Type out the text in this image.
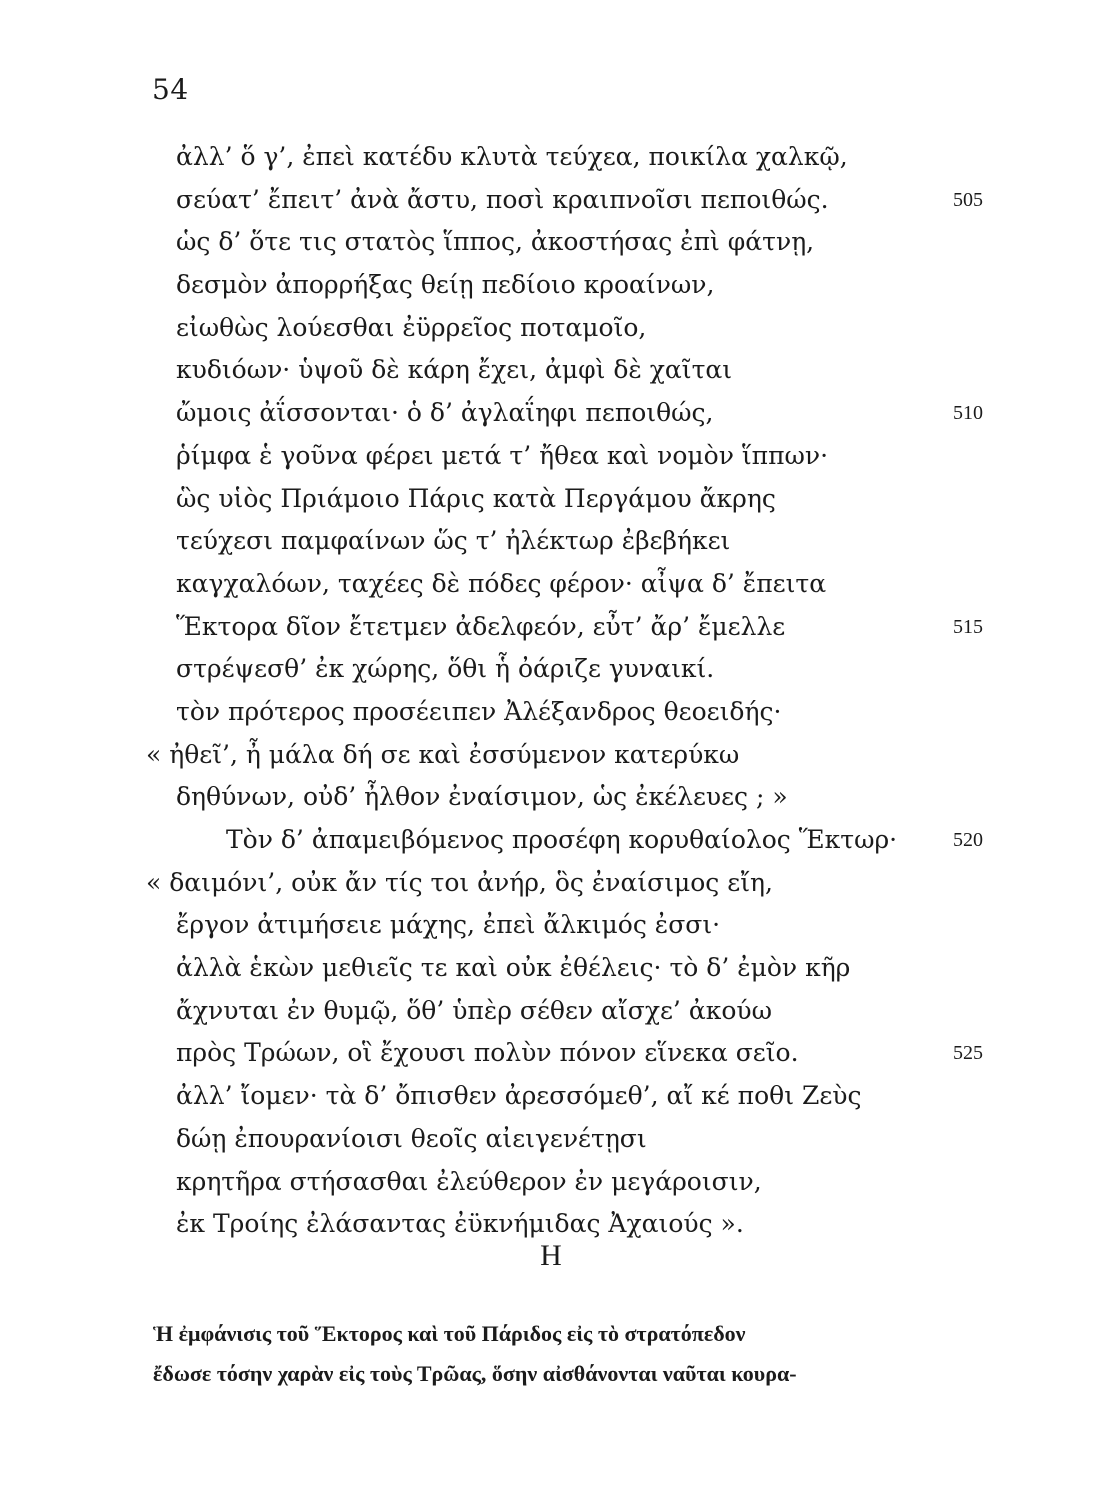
54
ἀλλ’ ὅ γ’, ἐπεὶ κατέδυ κλυτὰ τεύχεα, ποικίλα χαλκῷ,
σεύατ’ ἔπειτ’ ἀνὰ ἄστυ, ποσὶ κραιπνοῖσι πεποιθώς.	505
ὡς δ’ ὅτε τις στατὸς ἵππος, ἀκοστήσας ἐπὶ φάτνῃ,
δεσμὸν ἀπορρήξας θείῃ πεδίοιο κροαίνων,
εἰωθὼς λούεσθαι ἐϋρρεῖος ποταμοῖο,
κυδιόων· ὑψοῦ δὲ κάρη ἔχει, ἀμφὶ δὲ χαῖται
ὤμοις ἀΐσσονται· ὁ δ’ ἀγλαΐηφι πεποιθώς,	510
ῥίμφα ἑ γοῦνα φέρει μετά τ’ ἤθεα καὶ νομὸν ἵππων·
ὣς υἱὸς Πριάμοιο Πάρις κατὰ Περγάμου ἄκρης
τεύχεσι παμφαίνων ὥς τ’ ἠλέκτωρ ἐβεβήκει
καγχαλόων, ταχέες δὲ πόδες φέρον· αἶψα δ’ ἔπειτα
Ἕκτορα δῖον ἔτετμεν ἀδελφεόν, εὖτ’ ἄρ’ ἔμελλε	515
στρέψεσθ’ ἐκ χώρης, ὅθι ἧ ὀάριζε γυναικί.
τὸν πρότερος προσέειπεν Ἀλέξανδρος θεοειδής·
« ἠθεῖ’, ἦ μάλα δή σε καὶ ἐσσύμενον κατερύκω
δηθύνων, οὐδ’ ἦλθον ἐναίσιμον, ὡς ἐκέλευες ; »
Τὸν δ’ ἀπαμειβόμενος προσέφη κορυθαίολος Ἕκτωρ·	520
« δαιμόνι’, οὐκ ἄν τίς τοι ἀνήρ, ὃς ἐναίσιμος εἴη,
ἔργον ἀτιμήσειε μάχης, ἐπεὶ ἄλκιμός ἐσσι·
ἀλλὰ ἑκὼν μεθιεῖς τε καὶ οὐκ ἐθέλεις· τὸ δ’ ἐμὸν κῆρ
ἄχνυται ἐν θυμῷ, ὅθ’ ὑπὲρ σέθεν αἴσχε’ ἀκούω
πρὸς Τρώων, οἳ ἔχουσι πολὺν πόνον εἵνεκα σεῖο.	525
ἀλλ’ ἴομεν· τὰ δ’ ὄπισθεν ἀρεσσόμεθ’, αἴ κέ ποθι Ζεὺς
δώῃ ἐπουρανίοισι θεοῖς αἰειγενέτῃσι
κρητῆρα στήσασθαι ἐλεύθερον ἐν μεγάροισιν,
ἐκ Τροίης ἐλάσαντας ἐϋκνήμιδας Ἀχαιούς ».
Η
Ἡ ἐμφάνισις τοῦ Ἕκτορος καὶ τοῦ Πάριδος εἰς τὸ στρατόπεδον
ἔδωσε τόσην χαρὰν εἰς τοὺς Τρῶας, ὅσην αἰσθάνονται ναῦται κουρα-
